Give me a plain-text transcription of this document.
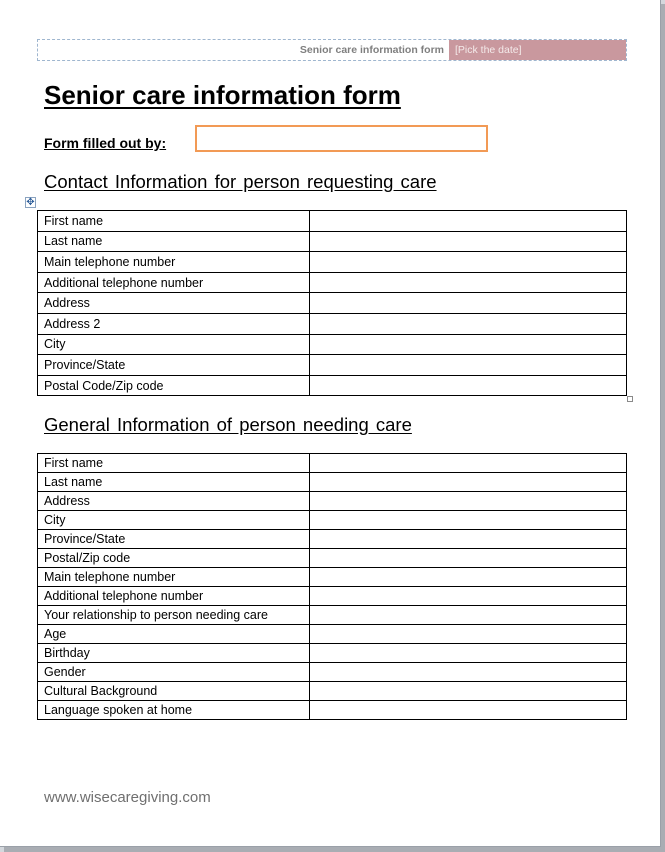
Senior care information form	[Pick the date]
Senior care information form
Form filled out by:
Contact Information for person requesting care
✥
First name	
Last name	
Main telephone number	
Additional telephone number	
Address	
Address 2	
City	
Province/State	
Postal Code/Zip code	
General Information of person needing care
First name	
Last name	
Address	
City	
Province/State	
Postal/Zip code	
Main telephone number	
Additional telephone number	
Your relationship to person needing care	
Age	
Birthday	
Gender	
Cultural Background	
Language spoken at home	
www.wisecaregiving.com
